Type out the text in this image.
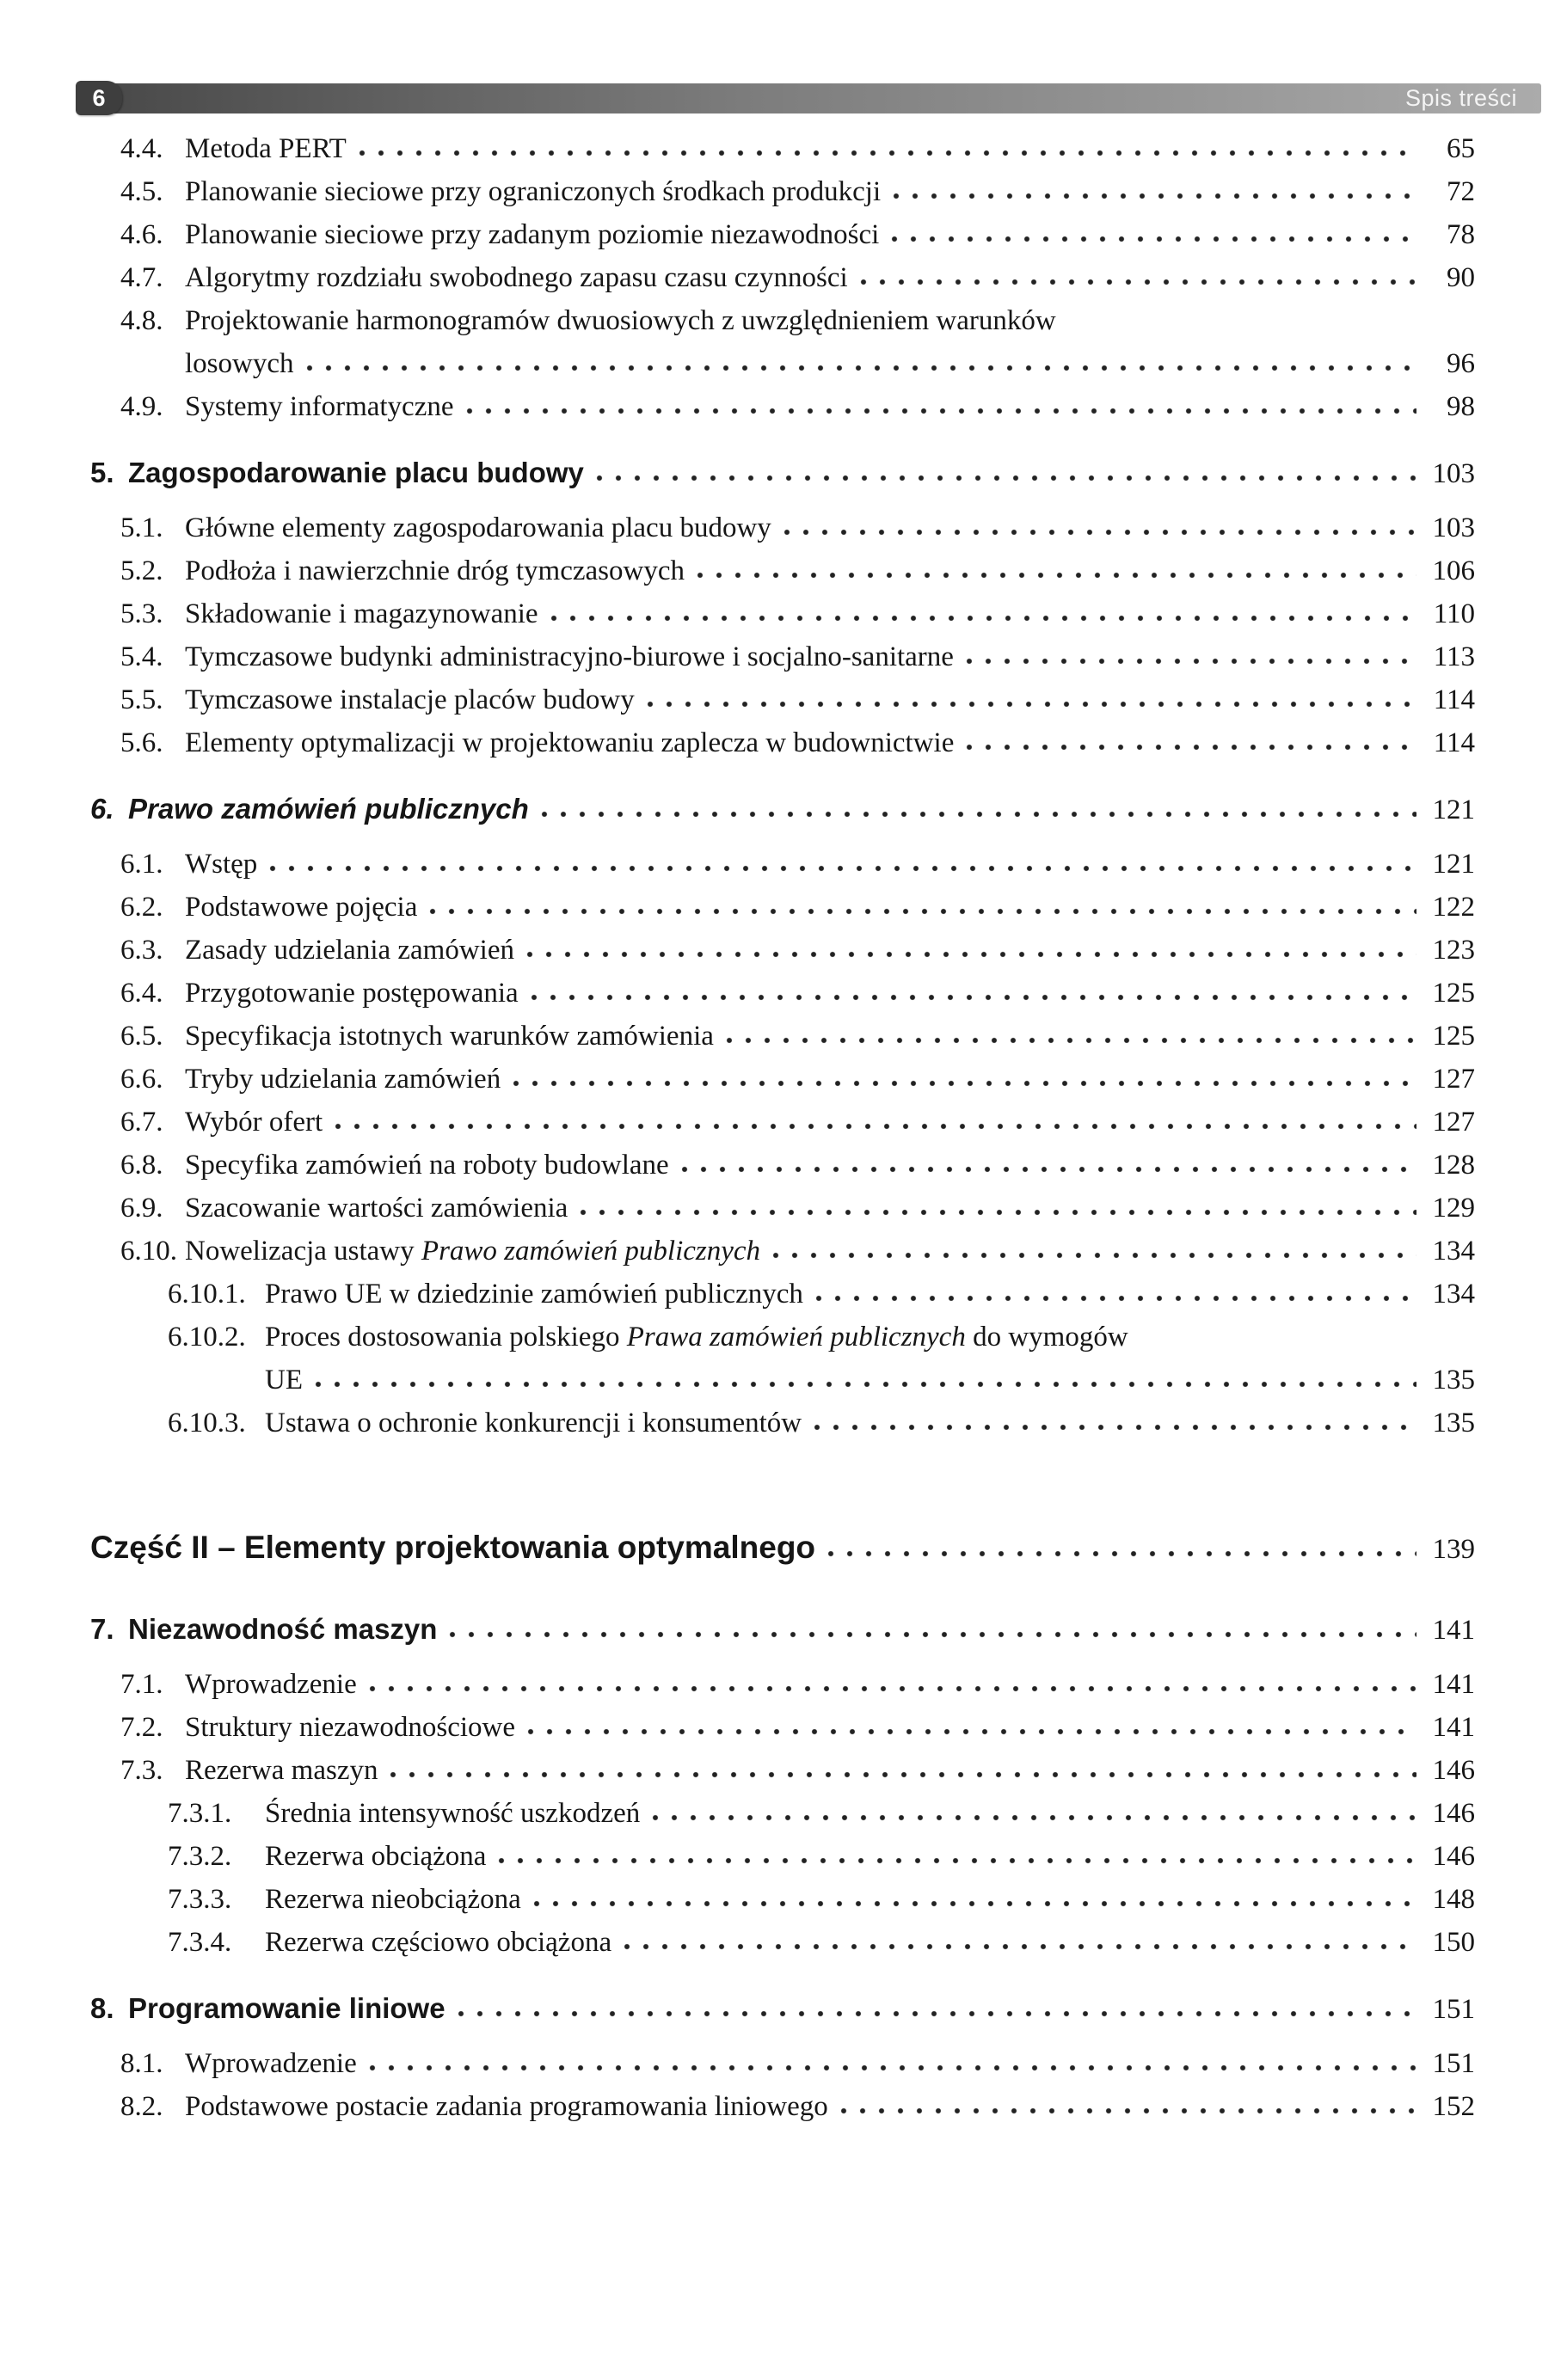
6	Spis treści
4.4. Metoda PERT	65
4.5. Planowanie sieciowe przy ograniczonych środkach produkcji	72
4.6. Planowanie sieciowe przy zadanym poziomie niezawodności	78
4.7. Algorytmy rozdziału swobodnego zapasu czasu czynności	90
4.8. Projektowanie harmonogramów dwuosiowych z uwzględnieniem warunków
losowych	96
4.9. Systemy informatyczne	98
5. Zagospodarowanie placu budowy	103
5.1. Główne elementy zagospodarowania placu budowy	103
5.2. Podłoża i nawierzchnie dróg tymczasowych	106
5.3. Składowanie i magazynowanie	110
5.4. Tymczasowe budynki administracyjno-biurowe i socjalno-sanitarne	113
5.5. Tymczasowe instalacje placów budowy	114
5.6. Elementy optymalizacji w projektowaniu zaplecza w budownictwie	114
6. Prawo zamówień publicznych	121
6.1. Wstęp	121
6.2. Podstawowe pojęcia	122
6.3. Zasady udzielania zamówień	123
6.4. Przygotowanie postępowania	125
6.5. Specyfikacja istotnych warunków zamówienia	125
6.6. Tryby udzielania zamówień	127
6.7. Wybór ofert	127
6.8. Specyfika zamówień na roboty budowlane	128
6.9. Szacowanie wartości zamówienia	129
6.10. Nowelizacja ustawy Prawo zamówień publicznych	134
6.10.1. Prawo UE w dziedzinie zamówień publicznych	134
6.10.2. Proces dostosowania polskiego Prawa zamówień publicznych do wymogów
UE	135
6.10.3. Ustawa o ochronie konkurencji i konsumentów	135
Część II – Elementy projektowania optymalnego	139
7. Niezawodność maszyn	141
7.1. Wprowadzenie	141
7.2. Struktury niezawodnościowe	141
7.3. Rezerwa maszyn	146
7.3.1.	Średnia intensywność uszkodzeń	146
7.3.2.	Rezerwa obciążona	146
7.3.3.	Rezerwa nieobciążona	148
7.3.4.	Rezerwa częściowo obciążona	150
8. Programowanie liniowe	151
8.1. Wprowadzenie	151
8.2. Podstawowe postacie zadania programowania liniowego	152
